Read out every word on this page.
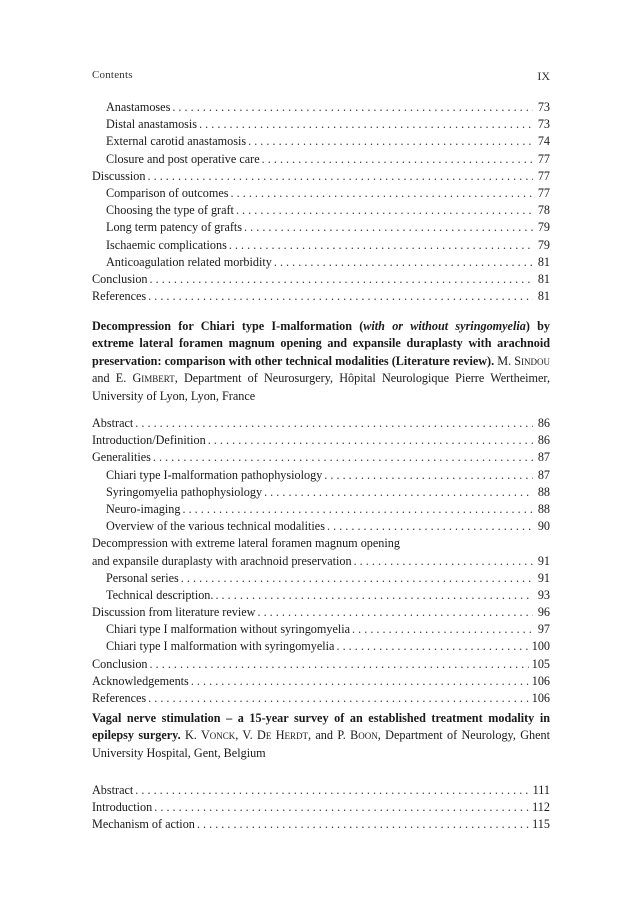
Contents	IX
Anastamoses . . .	73
Distal anastamosis . . .	73
External carotid anastamosis . . .	74
Closure and post operative care . . .	77
Discussion . . .	77
Comparison of outcomes . . .	77
Choosing the type of graft . . .	78
Long term patency of grafts . . .	79
Ischaemic complications . . .	79
Anticoagulation related morbidity . . .	81
Conclusion . . .	81
References . . .	81
Decompression for Chiari type I-malformation (with or without syringomyelia) by extreme lateral foramen magnum opening and expansile duraplasty with arachnoid preservation: comparison with other technical modalities (Literature review). M. Sindou and E. Gimbert, Department of Neurosurgery, Hôpital Neurologique Pierre Wertheimer, University of Lyon, Lyon, France
Abstract . . .	86
Introduction/Definition . . .	86
Generalities . . .	87
Chiari type I-malformation pathophysiology . . .	87
Syringomyelia pathophysiology . . .	88
Neuro-imaging . . .	88
Overview of the various technical modalities . . .	90
Decompression with extreme lateral foramen magnum opening
and expansile duraplasty with arachnoid preservation . . .	91
Personal series . . .	91
Technical description. . . .	93
Discussion from literature review . . .	96
Chiari type I malformation without syringomyelia . . .	97
Chiari type I malformation with syringomyelia . . .	100
Conclusion . . .	105
Acknowledgements . . .	106
References . . .	106
Vagal nerve stimulation – a 15-year survey of an established treatment modality in epilepsy surgery. K. Vonck, V. De Herdt, and P. Boon, Department of Neurology, Ghent University Hospital, Gent, Belgium
Abstract . . .	111
Introduction . . .	112
Mechanism of action . . .	115
